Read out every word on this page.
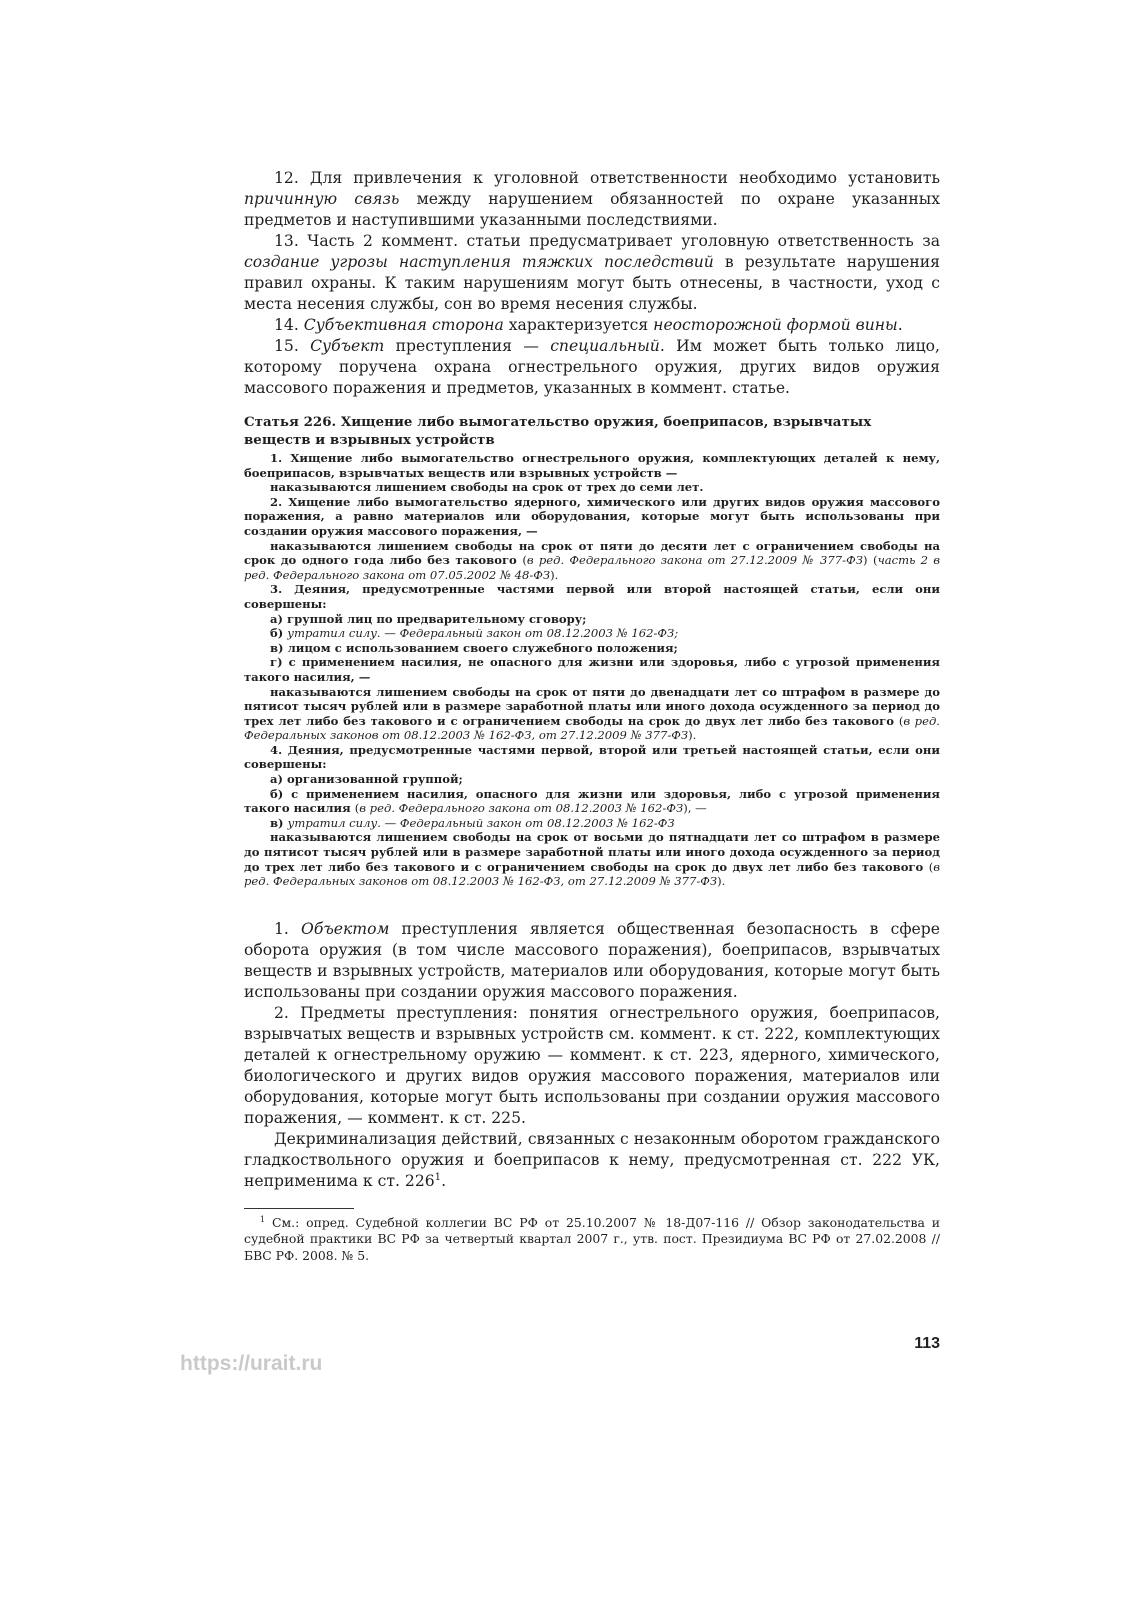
12. Для привлечения к уголовной ответственности необходимо установить причинную связь между нарушением обязанностей по охране указанных предметов и наступившими указанными последствиями.

13. Часть 2 коммент. статьи предусматривает уголовную ответственность за создание угрозы наступления тяжких последствий в результате нарушения правил охраны. К таким нарушениям могут быть отнесены, в частности, уход с места несения службы, сон во время несения службы.

14. Субъективная сторона характеризуется неосторожной формой вины.

15. Субъект преступления — специальный. Им может быть только лицо, которому поручена охрана огнестрельного оружия, других видов оружия массового поражения и предметов, указанных в коммент. статье.

Статья 226. Хищение либо вымогательство оружия, боеприпасов, взрывчатых веществ и взрывных устройств

1. Хищение либо вымогательство огнестрельного оружия, комплектующих деталей к нему, боеприпасов, взрывчатых веществ или взрывных устройств —

наказываются лишением свободы на срок от трех до семи лет.

2. Хищение либо вымогательство ядерного, химического или других видов оружия массового поражения, а равно материалов или оборудования, которые могут быть использованы при создании оружия массового поражения, —

наказываются лишением свободы на срок от пяти до десяти лет с ограничением свободы на срок до одного года либо без такового (в ред. Федерального закона от 27.12.2009 № 377-ФЗ) (часть 2 в ред. Федерального закона от 07.05.2002 № 48-ФЗ).

3. Деяния, предусмотренные частями первой или второй настоящей статьи, если они совершены:

а) группой лиц по предварительному сговору;

б) утратил силу. — Федеральный закон от 08.12.2003 № 162-ФЗ;

в) лицом с использованием своего служебного положения;

г) с применением насилия, не опасного для жизни или здоровья, либо с угрозой применения такого насилия, —

наказываются лишением свободы на срок от пяти до двенадцати лет со штрафом в размере до пятисот тысяч рублей или в размере заработной платы или иного дохода осужденного за период до трех лет либо без такового и с ограничением свободы на срок до двух лет либо без такового (в ред. Федеральных законов от 08.12.2003 № 162-ФЗ, от 27.12.2009 № 377-ФЗ).

4. Деяния, предусмотренные частями первой, второй или третьей настоящей статьи, если они совершены:

а) организованной группой;

б) с применением насилия, опасного для жизни или здоровья, либо с угрозой применения такого насилия (в ред. Федерального закона от 08.12.2003 № 162-ФЗ), —

в) утратил силу. — Федеральный закон от 08.12.2003 № 162-ФЗ

наказываются лишением свободы на срок от восьми до пятнадцати лет со штрафом в размере до пятисот тысяч рублей или в размере заработной платы или иного дохода осужденного за период до трех лет либо без такового и с ограничением свободы на срок до двух лет либо без такового (в ред. Федеральных законов от 08.12.2003 № 162-ФЗ, от 27.12.2009 № 377-ФЗ).

1. Объектом преступления является общественная безопасность в сфере оборота оружия (в том числе массового поражения), боеприпасов, взрывчатых веществ и взрывных устройств, материалов или оборудования, которые могут быть использованы при создании оружия массового поражения.

2. Предметы преступления: понятия огнестрельного оружия, боеприпасов, взрывчатых веществ и взрывных устройств см. коммент. к ст. 222, комплектующих деталей к огнестрельному оружию — коммент. к ст. 223, ядерного, химического, биологического и других видов оружия массового поражения, материалов или оборудования, которые могут быть использованы при создании оружия массового поражения, — коммент. к ст. 225.

Декриминализация действий, связанных с незаконным оборотом гражданского гладкоствольного оружия и боеприпасов к нему, предусмотренная ст. 222 УК, неприменима к ст. $226^1$.

$^1$ См.: опред. Судебной коллегии ВС РФ от 25.10.2007 № 18-Д07-116 // Обзор законодательства и судебной практики ВС РФ за четвертый квартал 2007 г., утв. пост. Президиума ВС РФ от 27.02.2008 // БВС РФ. 2008. № 5.

113
https://urait.ru
